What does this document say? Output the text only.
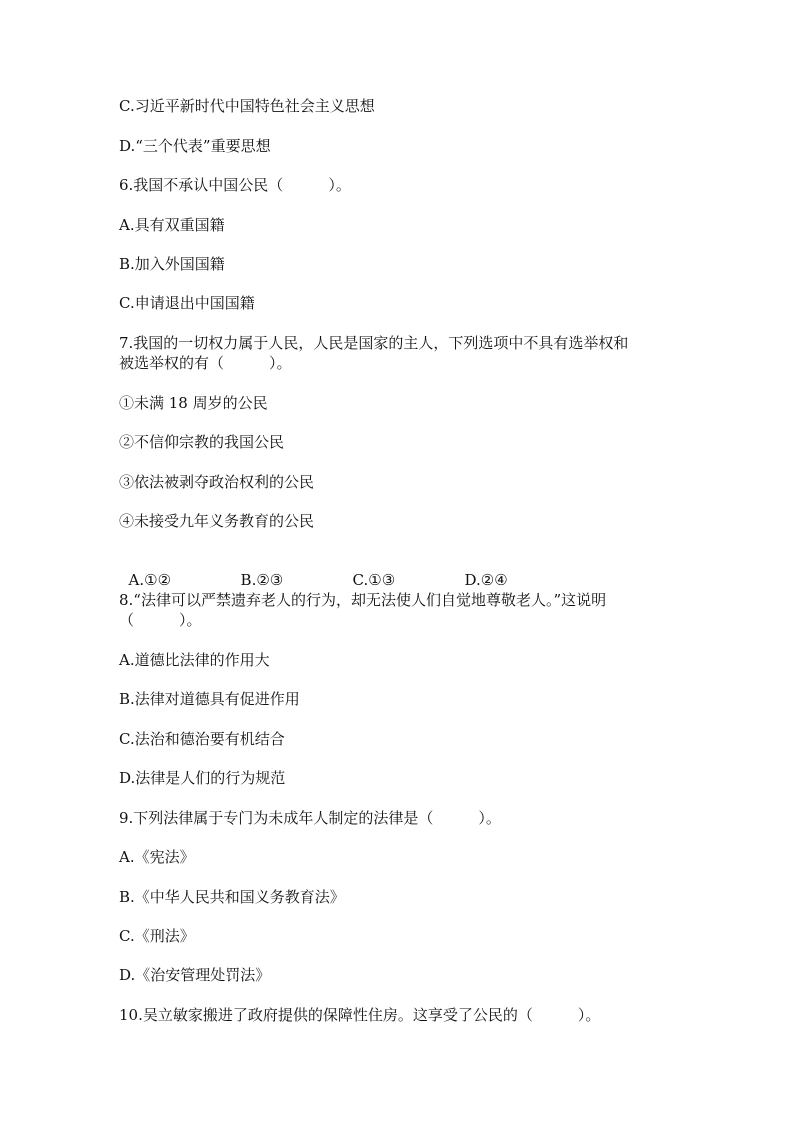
C.习近平新时代中国特色社会主义思想
D.“三个代表”重要思想
6.我国不承认中国公民（　　　）。
A.具有双重国籍
B.加入外国国籍
C.申请退出中国国籍
7.我国的一切权力属于人民，人民是国家的主人，下列选项中不具有选举权和
被选举权的有（　　　）。
①未满 18 周岁的公民
②不信仰宗教的我国公民
③依法被剥夺政治权利的公民
④未接受九年义务教育的公民

A.①②	B.②③	C.①③	D.②④

8.“法律可以严禁遗弃老人的行为，却无法使人们自觉地尊敬老人。”这说明
（　　　）。
A.道德比法律的作用大
B.法律对道德具有促进作用
C.法治和德治要有机结合
D.法律是人们的行为规范
9.下列法律属于专门为未成年人制定的法律是（　　　）。
A.《宪法》
B.《中华人民共和国义务教育法》
C.《刑法》
D.《治安管理处罚法》
10.吴立敏家搬进了政府提供的保障性住房。这享受了公民的（　　　）。
